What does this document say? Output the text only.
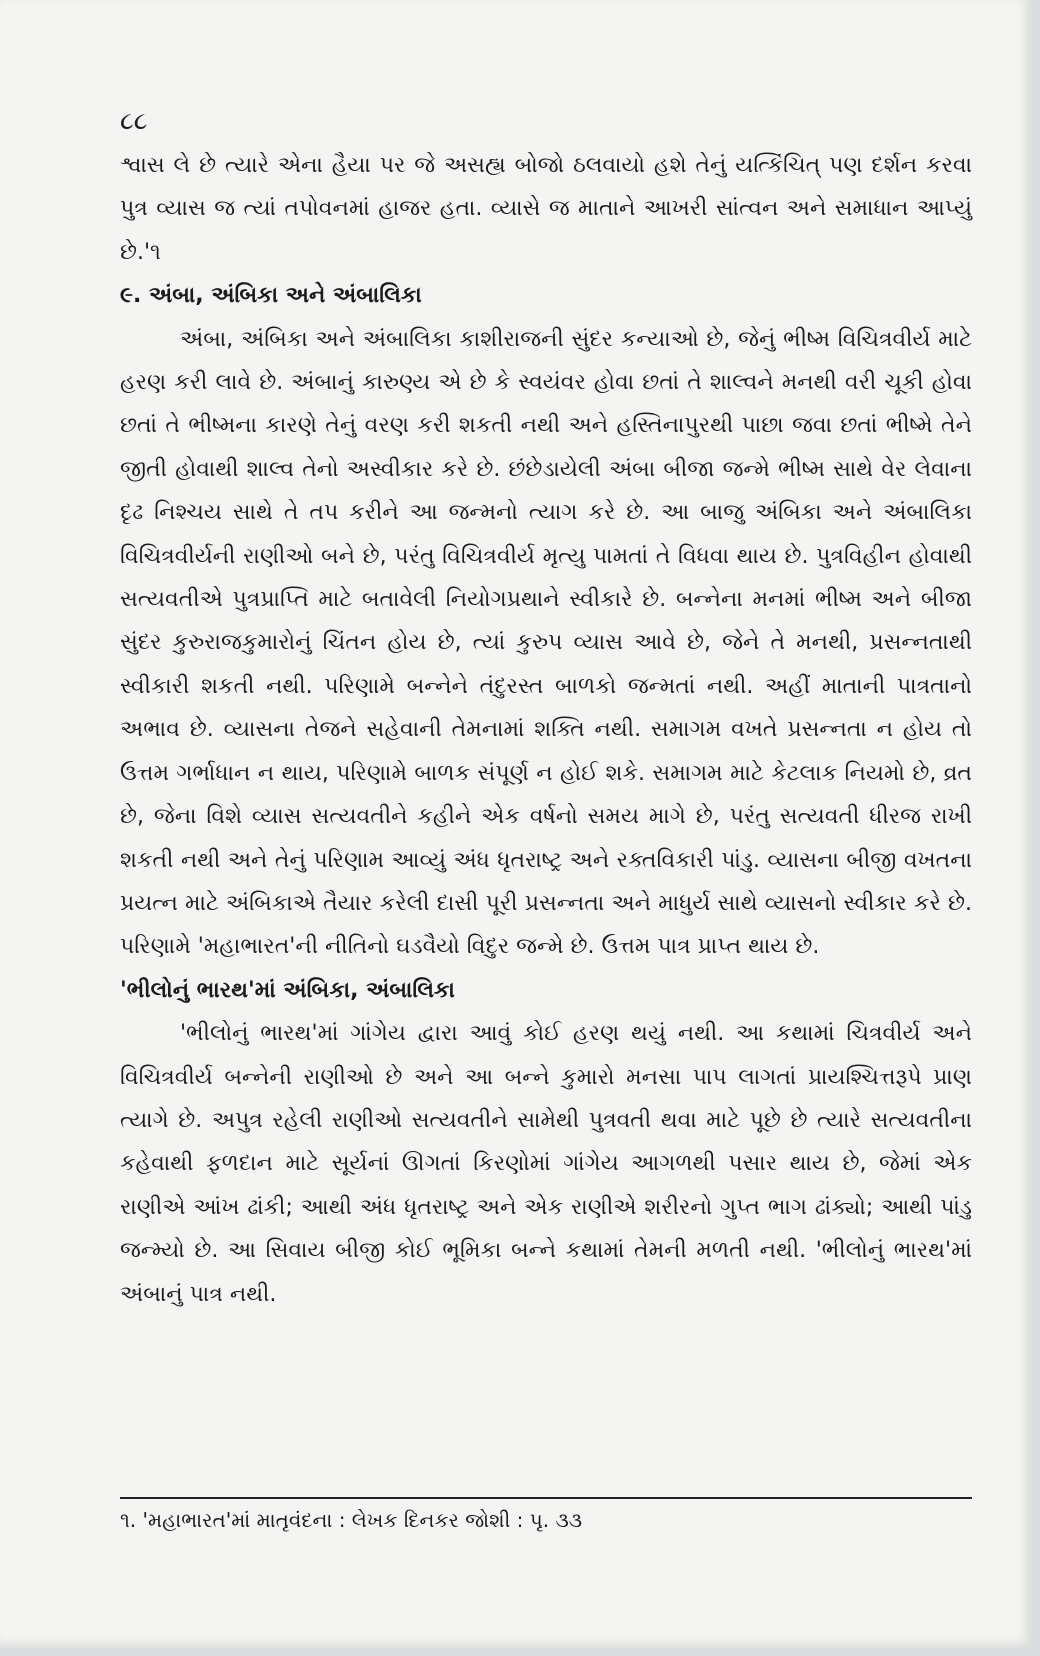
૮૮

શ્વાસ લે છે ત્યારે એના હૈયા પર જે અસહ્ય બોજો ઠલવાયો હશે તેનું યત્કિંચિત્ પણ દર્શન કરવા પુત્ર વ્યાસ જ ત્યાં તપોવનમાં હાજર હતા. વ્યાસે જ માતાને આખરી સાંત્વન અને સમાધાન આપ્યું છે.'૧

૯. અંબા, અંબિકા અને અંબાલિકા

અંબા, અંબિકા અને અંબાલિકા કાશીરાજની સુંદર કન્યાઓ છે, જેનું ભીષ્મ વિચિત્રવીર્ય માટે હરણ કરી લાવે છે. અંબાનું કારુણ્ય એ છે કે સ્વયંવર હોવા છતાં તે શાલ્વને મનથી વરી ચૂકી હોવા છતાં તે ભીષ્મના કારણે તેનું વરણ કરી શકતી નથી અને હસ્તિનાપુરથી પાછા જવા છતાં ભીષ્મે તેને જીતી હોવાથી શાલ્વ તેનો અસ્વીકાર કરે છે. છંછેડાયેલી અંબા બીજા જન્મે ભીષ્મ સાથે વેર લેવાના દૃઢ નિશ્ચય સાથે તે તપ કરીને આ જન્મનો ત્યાગ કરે છે. આ બાજુ અંબિકા અને અંબાલિકા વિચિત્રવીર્યની રાણીઓ બને છે, પરંતુ વિચિત્રવીર્ય મૃત્યુ પામતાં તે વિધવા થાય છે. પુત્રવિહીન હોવાથી સત્યવતીએ પુત્રપ્રાપ્તિ માટે બતાવેલી નિયોગપ્રથાને સ્વીકારે છે. બન્નેના મનમાં ભીષ્મ અને બીજા સુંદર કુરુરાજકુમારોનું ચિંતન હોય છે, ત્યાં કુરુપ વ્યાસ આવે છે, જેને તે મનથી, પ્રસન્નતાથી સ્વીકારી શકતી નથી. પરિણામે બન્નેને તંદુરસ્ત બાળકો જન્મતાં નથી. અહીં માતાની પાત્રતાનો અભાવ છે. વ્યાસના તેજને સહેવાની તેમનામાં શક્તિ નથી. સમાગમ વખતે પ્રસન્નતા ન હોય તો ઉત્તમ ગર્ભાધાન ન થાય, પરિણામે બાળક સંપૂર્ણ ન હોઈ શકે. સમાગમ માટે કેટલાક નિયમો છે, વ્રત છે, જેના વિશે વ્યાસ સત્યવતીને કહીને એક વર્ષનો સમય માગે છે, પરંતુ સત્યવતી ધીરજ રાખી શકતી નથી અને તેનું પરિણામ આવ્યું અંધ ધૃતરાષ્ટ્ર અને રક્તવિકારી પાંડુ. વ્યાસના બીજી વખતના પ્રયત્ન માટે અંબિકાએ તૈયાર કરેલી દાસી પૂરી પ્રસન્નતા અને માધુર્ય સાથે વ્યાસનો સ્વીકાર કરે છે. પરિણામે 'મહાભારત'ની નીતિનો ઘડવૈયો વિદુર જન્મે છે. ઉત્તમ પાત્ર પ્રાપ્ત થાય છે.

'ભીલોનું ભારથ'માં અંબિકા, અંબાલિકા

'ભીલોનું ભારથ'માં ગાંગેય દ્વારા આવું કોઈ હરણ થયું નથી. આ કથામાં ચિત્રવીર્ય અને વિચિત્રવીર્ય બન્નેની રાણીઓ છે અને આ બન્ને કુમારો મનસા પાપ લાગતાં પ્રાયશ્ચિત્તરૂપે પ્રાણ ત્યાગે છે. અપુત્ર રહેલી રાણીઓ સત્યવતીને સામેથી પુત્રવતી થવા માટે પૂછે છે ત્યારે સત્યવતીના કહેવાથી ફળદાન માટે સૂર્યનાં ઊગતાં કિરણોમાં ગાંગેય આગળથી પસાર થાય છે, જેમાં એક રાણીએ આંખ ઢાંકી; આથી અંધ ધૃતરાષ્ટ્ર અને એક રાણીએ શરીરનો ગુપ્ત ભાગ ઢાંક્યો; આથી પાંડુ જન્મ્યો છે. આ સિવાય બીજી કોઈ ભૂમિકા બન્ને કથામાં તેમની મળતી નથી. 'ભીલોનું ભારથ'માં અંબાનું પાત્ર નથી.

૧. 'મહાભારત'માં માતૃવંદના : લેખક દિનકર જોશી : પૃ. ૩૩
